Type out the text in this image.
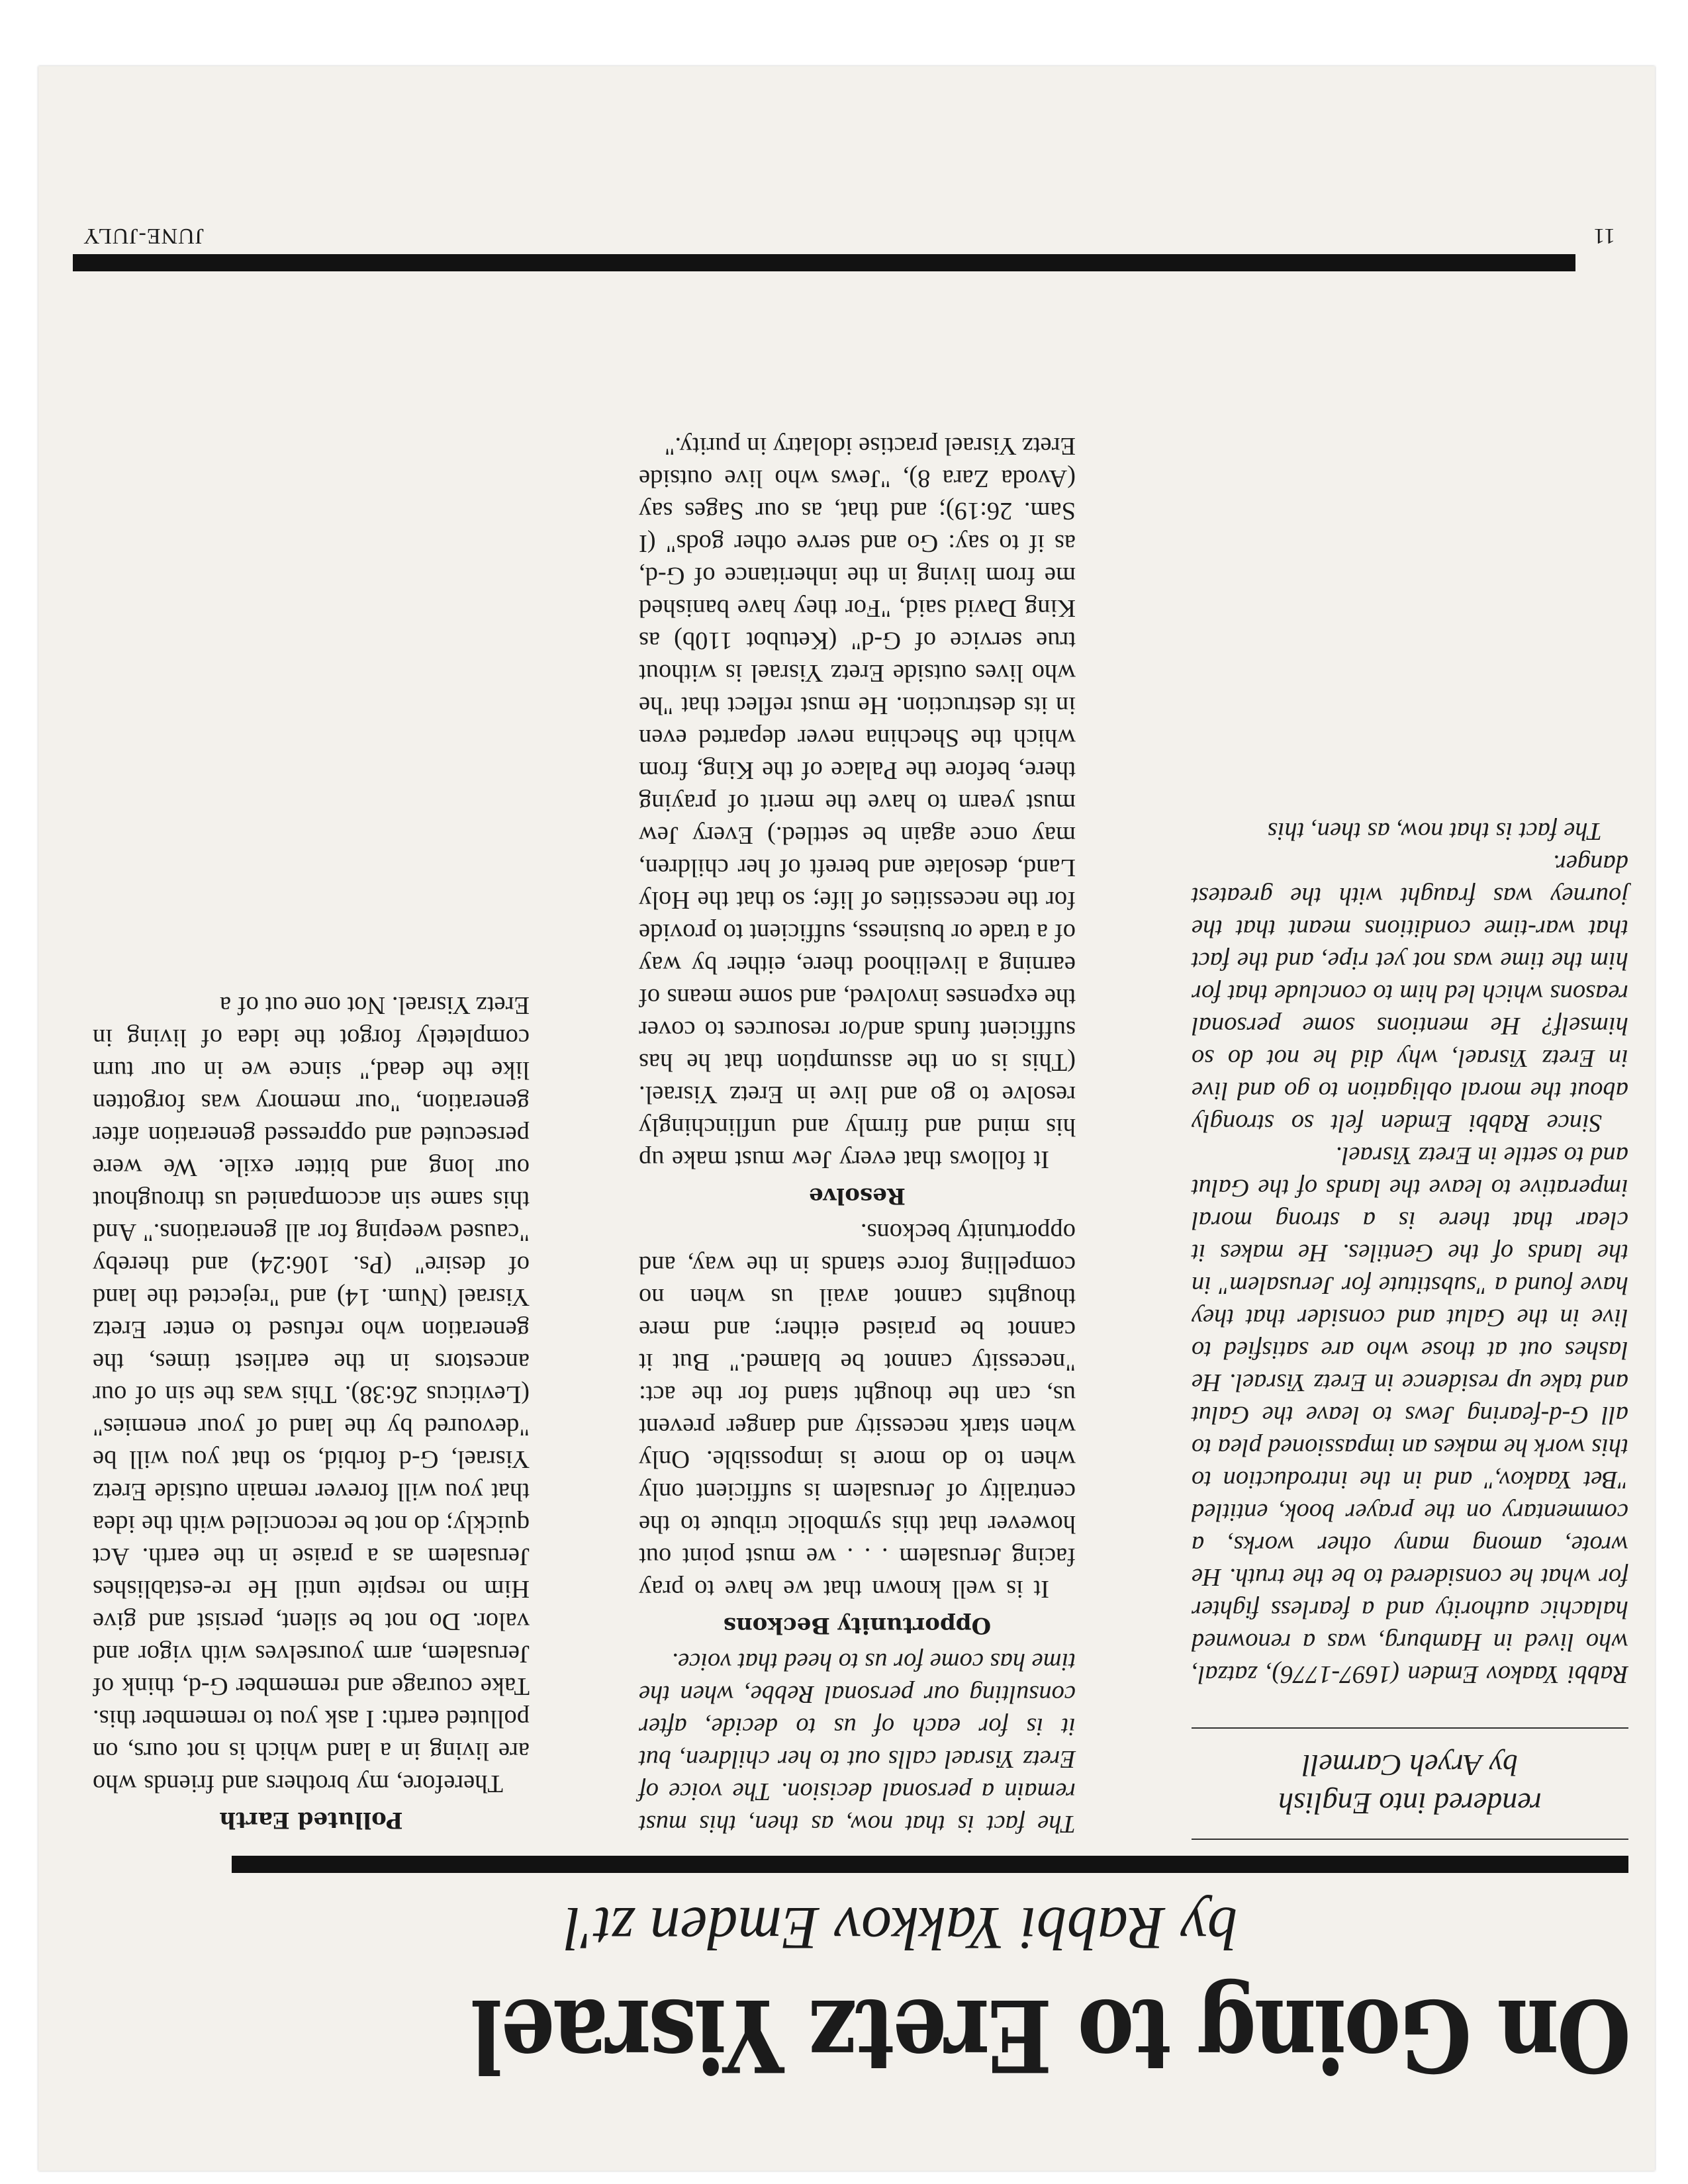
On Going to Eretz Yisrael
by Rabbi Yakkov Emden zt'l
rendered into English
by Aryeh Carmell

Rabbi Yaakov Emden (1697-1776), zatzal, who lived in Hamburg, was a renowned halachic authority and a fearless fighter for what he considered to be the truth. He wrote, among many other works, a commentary on the prayer book, entitled "Bet Yaakov," and in the introduction to this work he makes an impassioned plea to all G-d-fearing Jews to leave the Galut and take up residence in Eretz Yisrael. He lashes out at those who are satisfied to live in the Galut and consider that they have found a "substitute for Jerusalem" in the lands of the Gentiles. He makes it clear that there is a strong moral imperative to leave the lands of the Galut and to settle in Eretz Yisrael.

Since Rabbi Emden felt so strongly about the moral obligation to go and live in Eretz Yisrael, why did he not do so himself? He mentions some personal reasons which led him to conclude that for him the time was not yet ripe, and the fact that war-time conditions meant that the journey was fraught with the greatest danger.

The fact is that now, as then, this

The fact is that now, as then, this must remain a personal decision. The voice of Eretz Yisrael calls out to her children, but it is for each of us to decide, after consulting our personal Rebbe, when the time has come for us to heed that voice.

Opportunity Beckons

It is well known that we have to pray facing Jerusalem . . . we must point out however that this symbolic tribute to the centrality of Jerusalem is sufficient only when to do more is impossible. Only when stark necessity and danger prevent us, can the thought stand for the act: "necessity cannot be blamed." But it cannot be praised either; and mere thoughts cannot avail us when no compelling force stands in the way, and opportunity beckons.

Resolve

It follows that every Jew must make up his mind and firmly and unflinchingly resolve to go and live in Eretz Yisrael. (This is on the assumption that he has sufficient funds and/or resources to cover the expenses involved, and some means of earning a livelihood there, either by way of a trade or business, sufficient to provide for the necessities of life; so that the Holy Land, desolate and bereft of her children, may once again be settled.) Every Jew must yearn to have the merit of praying there, before the Palace of the King, from which the Shechina never departed even in its destruction. He must reflect that "he who lives outside Eretz Yisrael is without true service of G-d" (Ketubot 110b) as King David said, "For they have banished me from living in the inheritance of G-d, as if to say: Go and serve other gods" (I Sam. 26:19); and that, as our Sages say (Avoda Zara 8), "Jews who live outside Eretz Yisrael practise idolatry in purity."

Polluted Earth

Therefore, my brothers and friends who are living in a land which is not ours, on polluted earth: I ask you to remember this. Take courage and remember G-d, think of Jerusalem, arm yourselves with vigor and valor. Do not be silent, persist and give Him no respite until He re-establishes Jerusalem as a praise in the earth. Act quickly; do not be reconciled with the idea that you will forever remain outside Eretz Yisrael, G-d forbid, so that you will be "devoured by the land of your enemies" (Leviticus 26:38). This was the sin of our ancestors in the earliest times, the generation who refused to enter Eretz Yisrael (Num. 14) and "rejected the land of desire" (Ps. 106:24) and thereby "caused weeping for all generations." And this same sin accompanied us throughout our long and bitter exile. We were persecuted and oppressed generation after generation, "our memory was forgotten like the dead," since we in our turn completely forgot the idea of living in Eretz Yisrael. Not one out of a

JUNE-JULY	11
